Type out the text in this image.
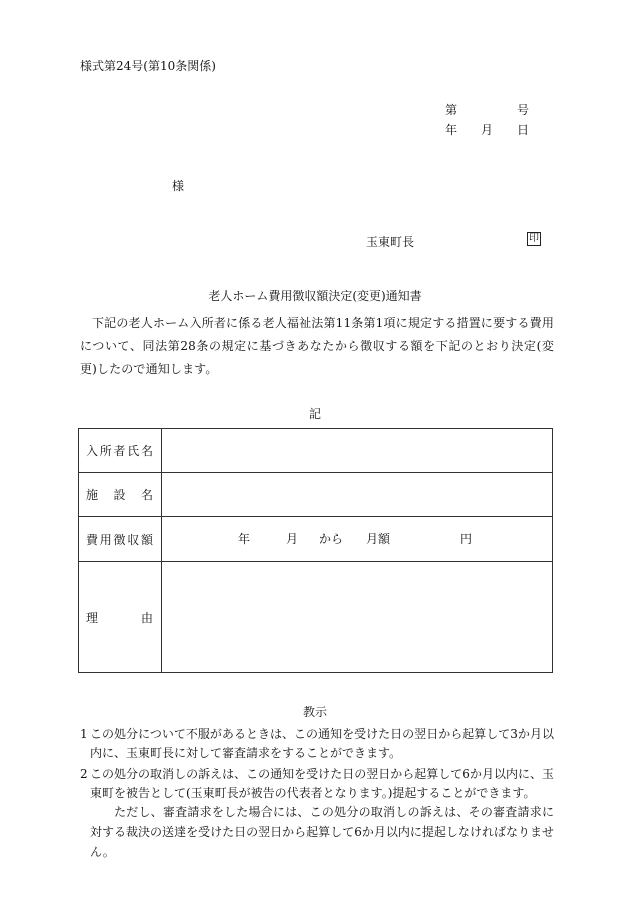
様式第24号(第10条関係)
第	号
年 月 日
様
玉東町長	印
老人ホーム費用徴収額決定(変更)通知書

下記の老人ホーム入所者に係る老人福祉法第11条第1項に規定する措置に要する費用について、同法第28条の規定に基づきあなたから徴収する額を下記のとおり決定(変更)したので通知します。

記
入 所 者 氏 名	

施 設 名	

費 用 徴 収 額	年 月 から 月額 円

理 由	

教示
1 この処分について不服があるときは、この通知を受けた日の翌日から起算して3か月以内に、玉東町長に対して審査請求をすることができます。
2 この処分の取消しの訴えは、この通知を受けた日の翌日から起算して6か月以内に、玉東町を被告として(玉東町長が被告の代表者となります。)提起することができます。

ただし、審査請求をした場合には、この処分の取消しの訴えは、その審査請求に対する裁決の送達を受けた日の翌日から起算して6か月以内に提起しなければなりません。
